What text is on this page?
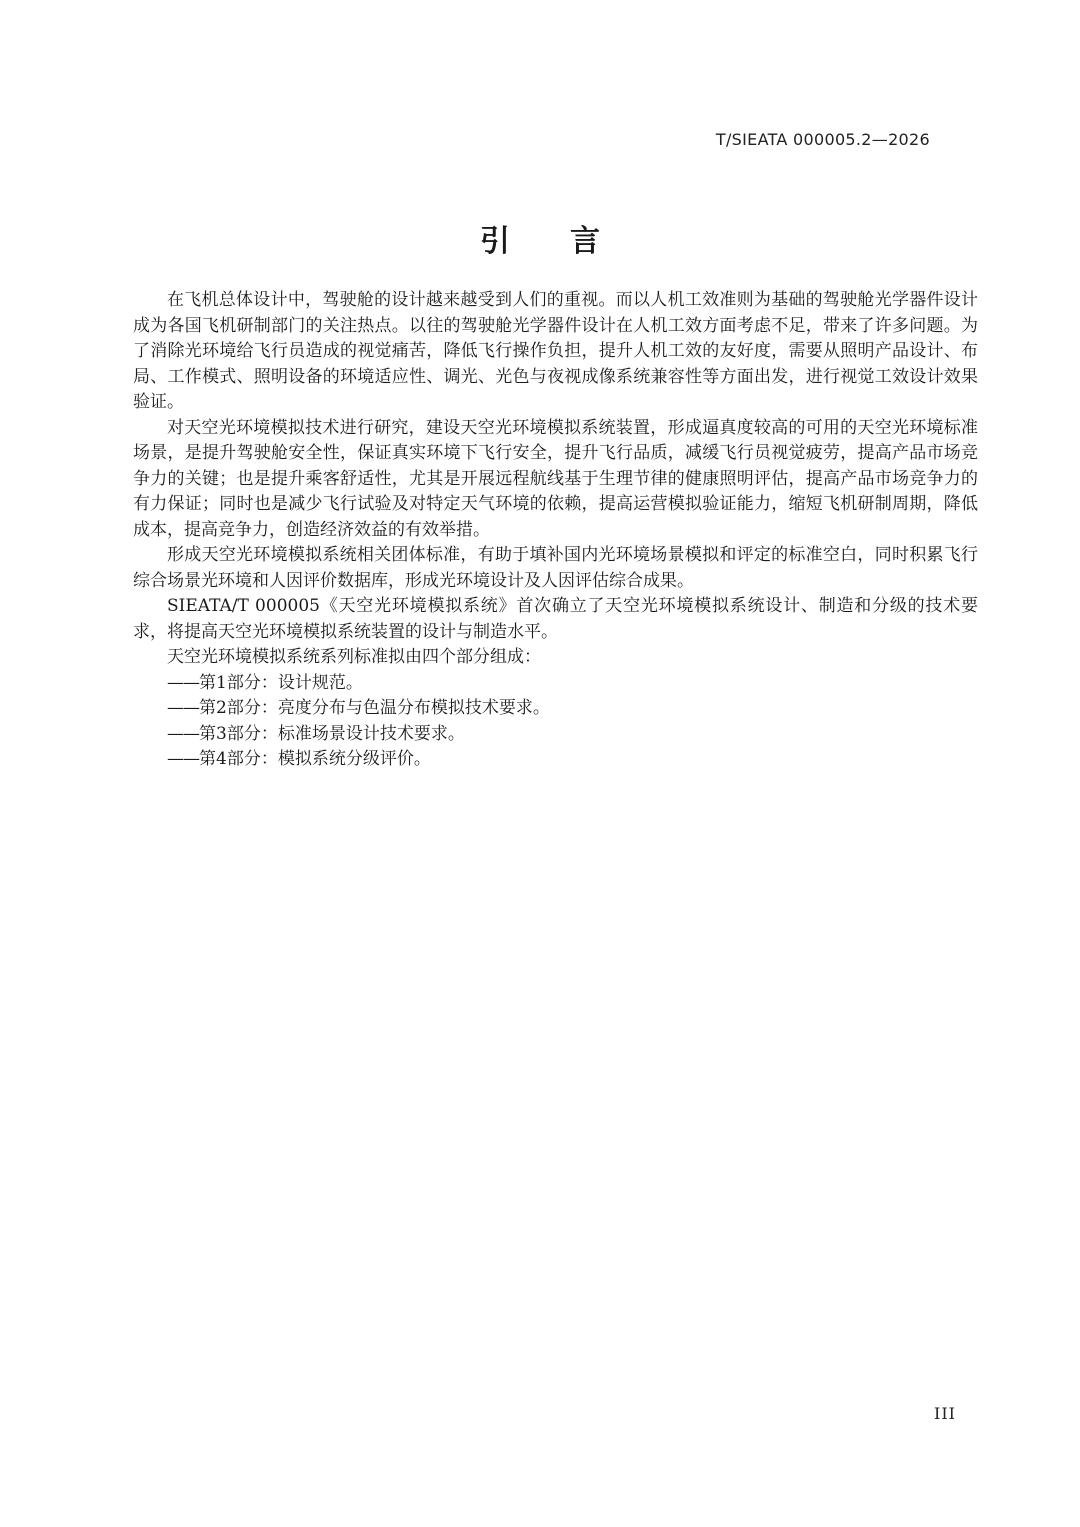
T/SIEATA 000005.2—2026
引言

在飞机总体设计中，驾驶舱的设计越来越受到人们的重视。而以人机工效准则为基础的驾驶舱光学器件设计成为各国飞机研制部门的关注热点。以往的驾驶舱光学器件设计在人机工效方面考虑不足，带来了许多问题。为了消除光环境给飞行员造成的视觉痛苦，降低飞行操作负担，提升人机工效的友好度，需要从照明产品设计、布局、工作模式、照明设备的环境适应性、调光、光色与夜视成像系统兼容性等方面出发，进行视觉工效设计效果验证。

对天空光环境模拟技术进行研究，建设天空光环境模拟系统装置，形成逼真度较高的可用的天空光环境标准场景，是提升驾驶舱安全性，保证真实环境下飞行安全，提升飞行品质，减缓飞行员视觉疲劳，提高产品市场竞争力的关键；也是提升乘客舒适性，尤其是开展远程航线基于生理节律的健康照明评估，提高产品市场竞争力的有力保证；同时也是减少飞行试验及对特定天气环境的依赖，提高运营模拟验证能力，缩短飞机研制周期，降低成本，提高竞争力，创造经济效益的有效举措。

形成天空光环境模拟系统相关团体标准，有助于填补国内光环境场景模拟和评定的标准空白，同时积累飞行综合场景光环境和人因评价数据库，形成光环境设计及人因评估综合成果。

SIEATA/T 000005《天空光环境模拟系统》首次确立了天空光环境模拟系统设计、制造和分级的技术要求，将提高天空光环境模拟系统装置的设计与制造水平。

天空光环境模拟系统系列标准拟由四个部分组成：

——第1部分：设计规范。
——第2部分：亮度分布与色温分布模拟技术要求。
——第3部分：标准场景设计技术要求。
——第4部分：模拟系统分级评价。
III
